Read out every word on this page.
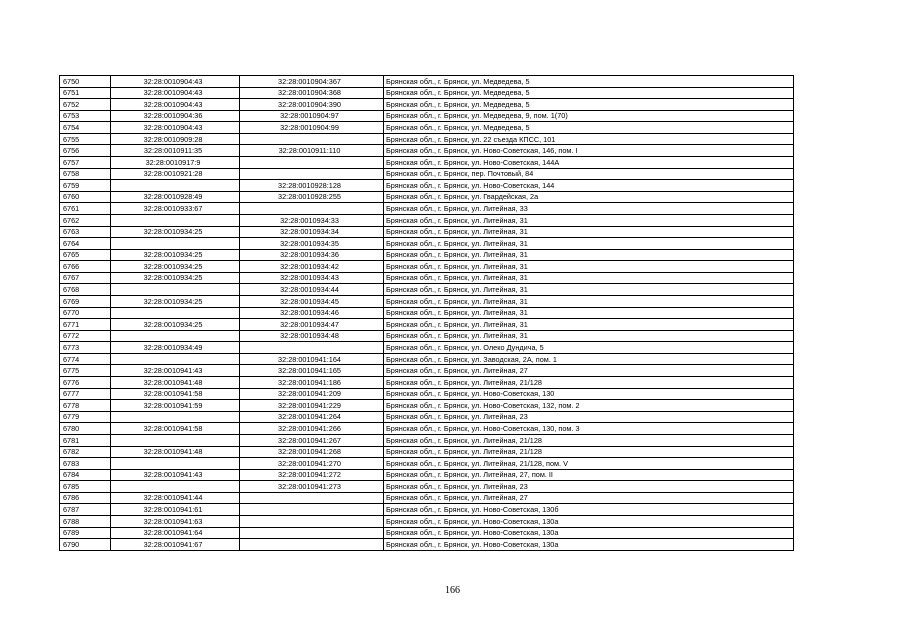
6750	32:28:0010904:43	32:28:0010904:367	Брянская обл., г. Брянск, ул. Медведева, 5
6751	32:28:0010904:43	32:28:0010904:368	Брянская обл., г. Брянск, ул. Медведева, 5
6752	32:28:0010904:43	32:28:0010904:390	Брянская обл., г. Брянск, ул. Медведева, 5
6753	32:28:0010904:36	32:28:0010904:97	Брянская обл., г. Брянск, ул. Медведева, 9, пом. 1(70)
6754	32:28:0010904:43	32:28:0010904:99	Брянская обл., г. Брянск, ул. Медведева, 5
6755	32:28:0010909:28		Брянская обл., г. Брянск, ул. 22 съезда КПСС, 101
6756	32:28:0010911:35	32:28:0010911:110	Брянская обл., г. Брянск, ул. Ново-Советская, 146, пом. I
6757	32:28:0010917:9		Брянская обл., г. Брянск, ул. Ново-Советская, 144А
6758	32:28:0010921:28		Брянская обл., г. Брянск, пер. Почтовый, 84
6759		32:28:0010928:128	Брянская обл., г. Брянск, ул. Ново-Советская, 144
6760	32:28:0010928:49	32:28:0010928:255	Брянская обл., г. Брянск, ул. Гвардейская, 2а
6761	32:28:0010933:67		Брянская обл., г. Брянск, ул. Литейная, 33
6762		32:28:0010934:33	Брянская обл., г. Брянск, ул. Литейная, 31
6763	32:28:0010934:25	32:28:0010934:34	Брянская обл., г. Брянск, ул. Литейная, 31
6764		32:28:0010934:35	Брянская обл., г. Брянск, ул. Литейная, 31
6765	32:28:0010934:25	32:28:0010934:36	Брянская обл., г. Брянск, ул. Литейная, 31
6766	32:28:0010934:25	32:28:0010934:42	Брянская обл., г. Брянск, ул. Литейная, 31
6767	32:28:0010934:25	32:28:0010934:43	Брянская обл., г. Брянск, ул. Литейная, 31
6768		32:28:0010934:44	Брянская обл., г. Брянск, ул. Литейная, 31
6769	32:28:0010934:25	32:28:0010934:45	Брянская обл., г. Брянск, ул. Литейная, 31
6770		32:28:0010934:46	Брянская обл., г. Брянск, ул. Литейная, 31
6771	32:28:0010934:25	32:28:0010934:47	Брянская обл., г. Брянск, ул. Литейная, 31
6772		32:28:0010934:48	Брянская обл., г. Брянск, ул. Литейная, 31
6773	32:28:0010934:49		Брянская обл., г. Брянск, ул. Олеко Дундича, 5
6774		32:28:0010941:164	Брянская обл., г. Брянск, ул. Заводская, 2А, пом. 1
6775	32:28:0010941:43	32:28:0010941:165	Брянская обл., г. Брянск, ул. Литейная, 27
6776	32:28:0010941:48	32:28:0010941:186	Брянская обл., г. Брянск, ул. Литейная, 21/128
6777	32:28:0010941:58	32:28:0010941:209	Брянская обл., г. Брянск, ул. Ново-Советская, 130
6778	32:28:0010941:59	32:28:0010941:229	Брянская обл., г. Брянск, ул. Ново-Советская, 132, пом. 2
6779		32:28:0010941:264	Брянская обл., г. Брянск, ул. Литейная, 23
6780	32:28:0010941:58	32:28:0010941:266	Брянская обл., г. Брянск, ул. Ново-Советская, 130, пом. 3
6781		32:28:0010941:267	Брянская обл., г. Брянск, ул. Литейная, 21/128
6782	32:28:0010941:48	32:28:0010941:268	Брянская обл., г. Брянск, ул. Литейная, 21/128
6783		32:28:0010941:270	Брянская обл., г. Брянск, ул. Литейная, 21/128, пом. V
6784	32:28:0010941:43	32:28:0010941:272	Брянская обл., г. Брянск, ул. Литейная, 27, пом. II
6785		32:28:0010941:273	Брянская обл., г. Брянск, ул. Литейная, 23
6786	32:28:0010941:44		Брянская обл., г. Брянск, ул. Литейная, 27
6787	32:28:0010941:61		Брянская обл., г. Брянск, ул. Ново-Советская, 130б
6788	32:28:0010941:63		Брянская обл., г. Брянск, ул. Ново-Советская, 130а
6789	32:28:0010941:64		Брянская обл., г. Брянск, ул. Ново-Советская, 130а
6790	32:28:0010941:67		Брянская обл., г. Брянск, ул. Ново-Советская, 130а
166
